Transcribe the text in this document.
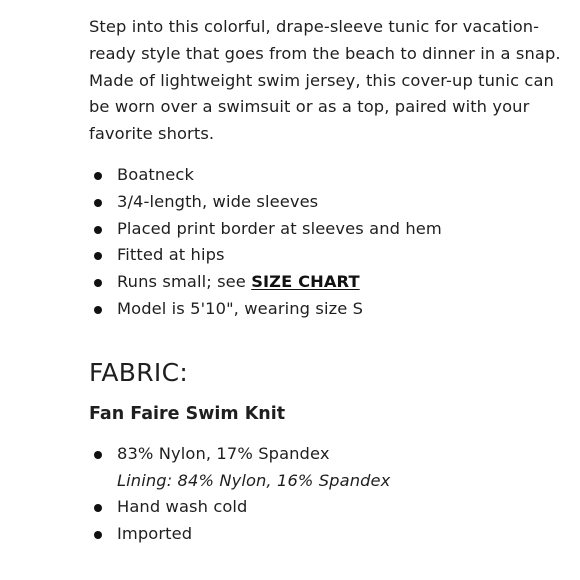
Step into this colorful, drape-sleeve tunic for vacation-ready style that goes from the beach to dinner in a snap. Made of lightweight swim jersey, this cover-up tunic can be worn over a swimsuit or as a top, paired with your favorite shorts.

Boatneck
3/4-length, wide sleeves
Placed print border at sleeves and hem
Fitted at hips
Runs small; see SIZE CHART
Model is 5'10", wearing size S
FABRIC:
Fan Faire Swim Knit
83% Nylon, 17% Spandex
Lining: 84% Nylon, 16% Spandex
Hand wash cold
Imported
